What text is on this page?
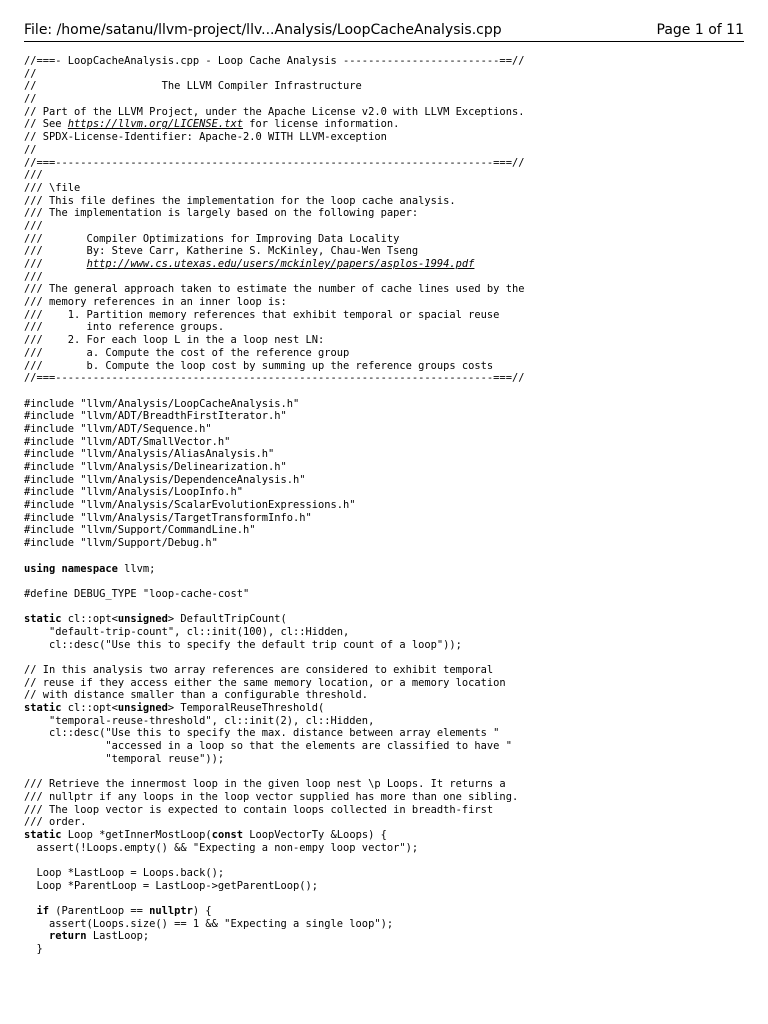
File: /home/satanu/llvm-project/llv...Analysis/LoopCacheAnalysis.cpp	Page 1 of 11
//===- LoopCacheAnalysis.cpp - Loop Cache Analysis -------------------------==//
//
//                    The LLVM Compiler Infrastructure
//
// Part of the LLVM Project, under the Apache License v2.0 with LLVM Exceptions.
// See https://llvm.org/LICENSE.txt for license information.
// SPDX-License-Identifier: Apache-2.0 WITH LLVM-exception
//
//===----------------------------------------------------------------------===//
///
/// \file
/// This file defines the implementation for the loop cache analysis.
/// The implementation is largely based on the following paper:
///
///       Compiler Optimizations for Improving Data Locality
///       By: Steve Carr, Katherine S. McKinley, Chau-Wen Tseng
///       http://www.cs.utexas.edu/users/mckinley/papers/asplos-1994.pdf
///
/// The general approach taken to estimate the number of cache lines used by the
/// memory references in an inner loop is:
///    1. Partition memory references that exhibit temporal or spacial reuse
///       into reference groups.
///    2. For each loop L in the a loop nest LN:
///       a. Compute the cost of the reference group
///       b. Compute the loop cost by summing up the reference groups costs
//===----------------------------------------------------------------------===//
#include "llvm/Analysis/LoopCacheAnalysis.h"
#include "llvm/ADT/BreadthFirstIterator.h"
#include "llvm/ADT/Sequence.h"
#include "llvm/ADT/SmallVector.h"
#include "llvm/Analysis/AliasAnalysis.h"
#include "llvm/Analysis/Delinearization.h"
#include "llvm/Analysis/DependenceAnalysis.h"
#include "llvm/Analysis/LoopInfo.h"
#include "llvm/Analysis/ScalarEvolutionExpressions.h"
#include "llvm/Analysis/TargetTransformInfo.h"
#include "llvm/Support/CommandLine.h"
#include "llvm/Support/Debug.h"
using namespace llvm;
#define DEBUG_TYPE "loop-cache-cost"
static cl::opt<unsigned> DefaultTripCount(
"default-trip-count", cl::init(100), cl::Hidden,
cl::desc("Use this to specify the default trip count of a loop"));
// In this analysis two array references are considered to exhibit temporal
// reuse if they access either the same memory location, or a memory location
// with distance smaller than a configurable threshold.
static cl::opt<unsigned> TemporalReuseThreshold(
"temporal-reuse-threshold", cl::init(2), cl::Hidden,
cl::desc("Use this to specify the max. distance between array elements "
"accessed in a loop so that the elements are classified to have "
"temporal reuse"));
/// Retrieve the innermost loop in the given loop nest \p Loops. It returns a
/// nullptr if any loops in the loop vector supplied has more than one sibling.
/// The loop vector is expected to contain loops collected in breadth-first
/// order.
static Loop *getInnerMostLoop(const LoopVectorTy &Loops) {
assert(!Loops.empty() && "Expecting a non-empy loop vector");
Loop *LastLoop = Loops.back();
Loop *ParentLoop = LastLoop->getParentLoop();
if (ParentLoop == nullptr) {
assert(Loops.size() == 1 && "Expecting a single loop");
return LastLoop;
}
